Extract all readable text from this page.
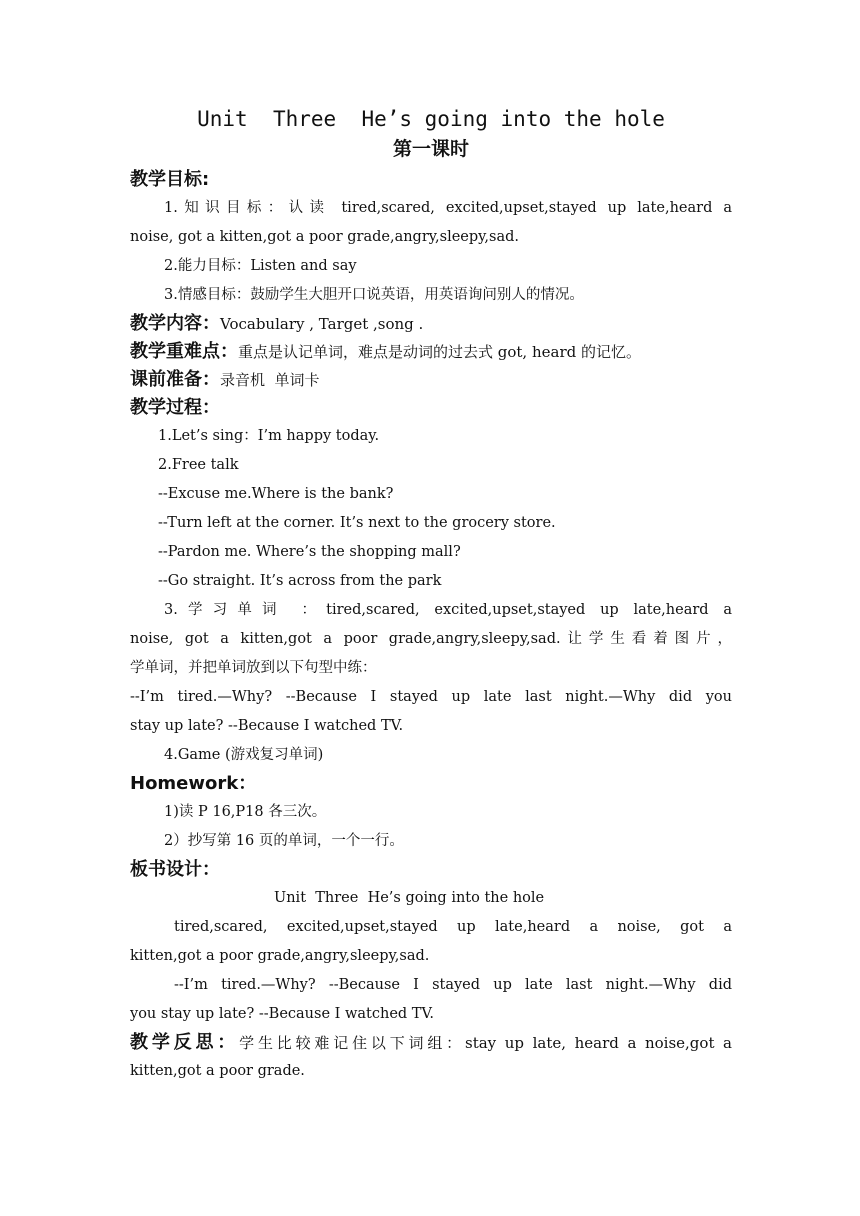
Unit  Three  He’s going into the hole
第一课时
教学目标:
1.知识目标：认读 tired,scared, excited,upset,stayed up late,heard a
noise, got a kitten,got a poor grade,angry,sleepy,sad.
2.能力目标：Listen and say
3.情感目标：鼓励学生大胆开口说英语，用英语询问别人的情况。
教学内容：Vocabulary , Target ,song .
教学重难点：重点是认记单词，难点是动词的过去式 got, heard 的记忆。
课前准备：录音机  单词卡
教学过程：
1.Let’s sing：I’m happy today.
2.Free talk
--Excuse me.Where is the bank?
--Turn left at the corner. It’s next to the grocery store.
--Pardon me. Where’s the shopping mall?
--Go straight. It’s across from the park
3.学习单词 ：tired,scared, excited,upset,stayed up late,heard a
noise, got a kitten,got a poor grade,angry,sleepy,sad.让学生看着图片，
学单词，并把单词放到以下句型中练：
--I’m tired.—Why? --Because I stayed up late last night.—Why did you
stay up late? --Because I watched TV.
4.Game (游戏复习单词)
Homework：
1)读 P 16,P18 各三次。
2）抄写第 16 页的单词，一个一行。
板书设计：
Unit  Three  He’s going into the hole
tired,scared, excited,upset,stayed up late,heard a noise, got a
kitten,got a poor grade,angry,sleepy,sad.
--I’m tired.—Why? --Because I stayed up late last night.—Why did
you stay up late? --Because I watched TV.
教学反思：学生比较难记住以下词组：stay up late, heard a noise,got a
kitten,got a poor grade.
